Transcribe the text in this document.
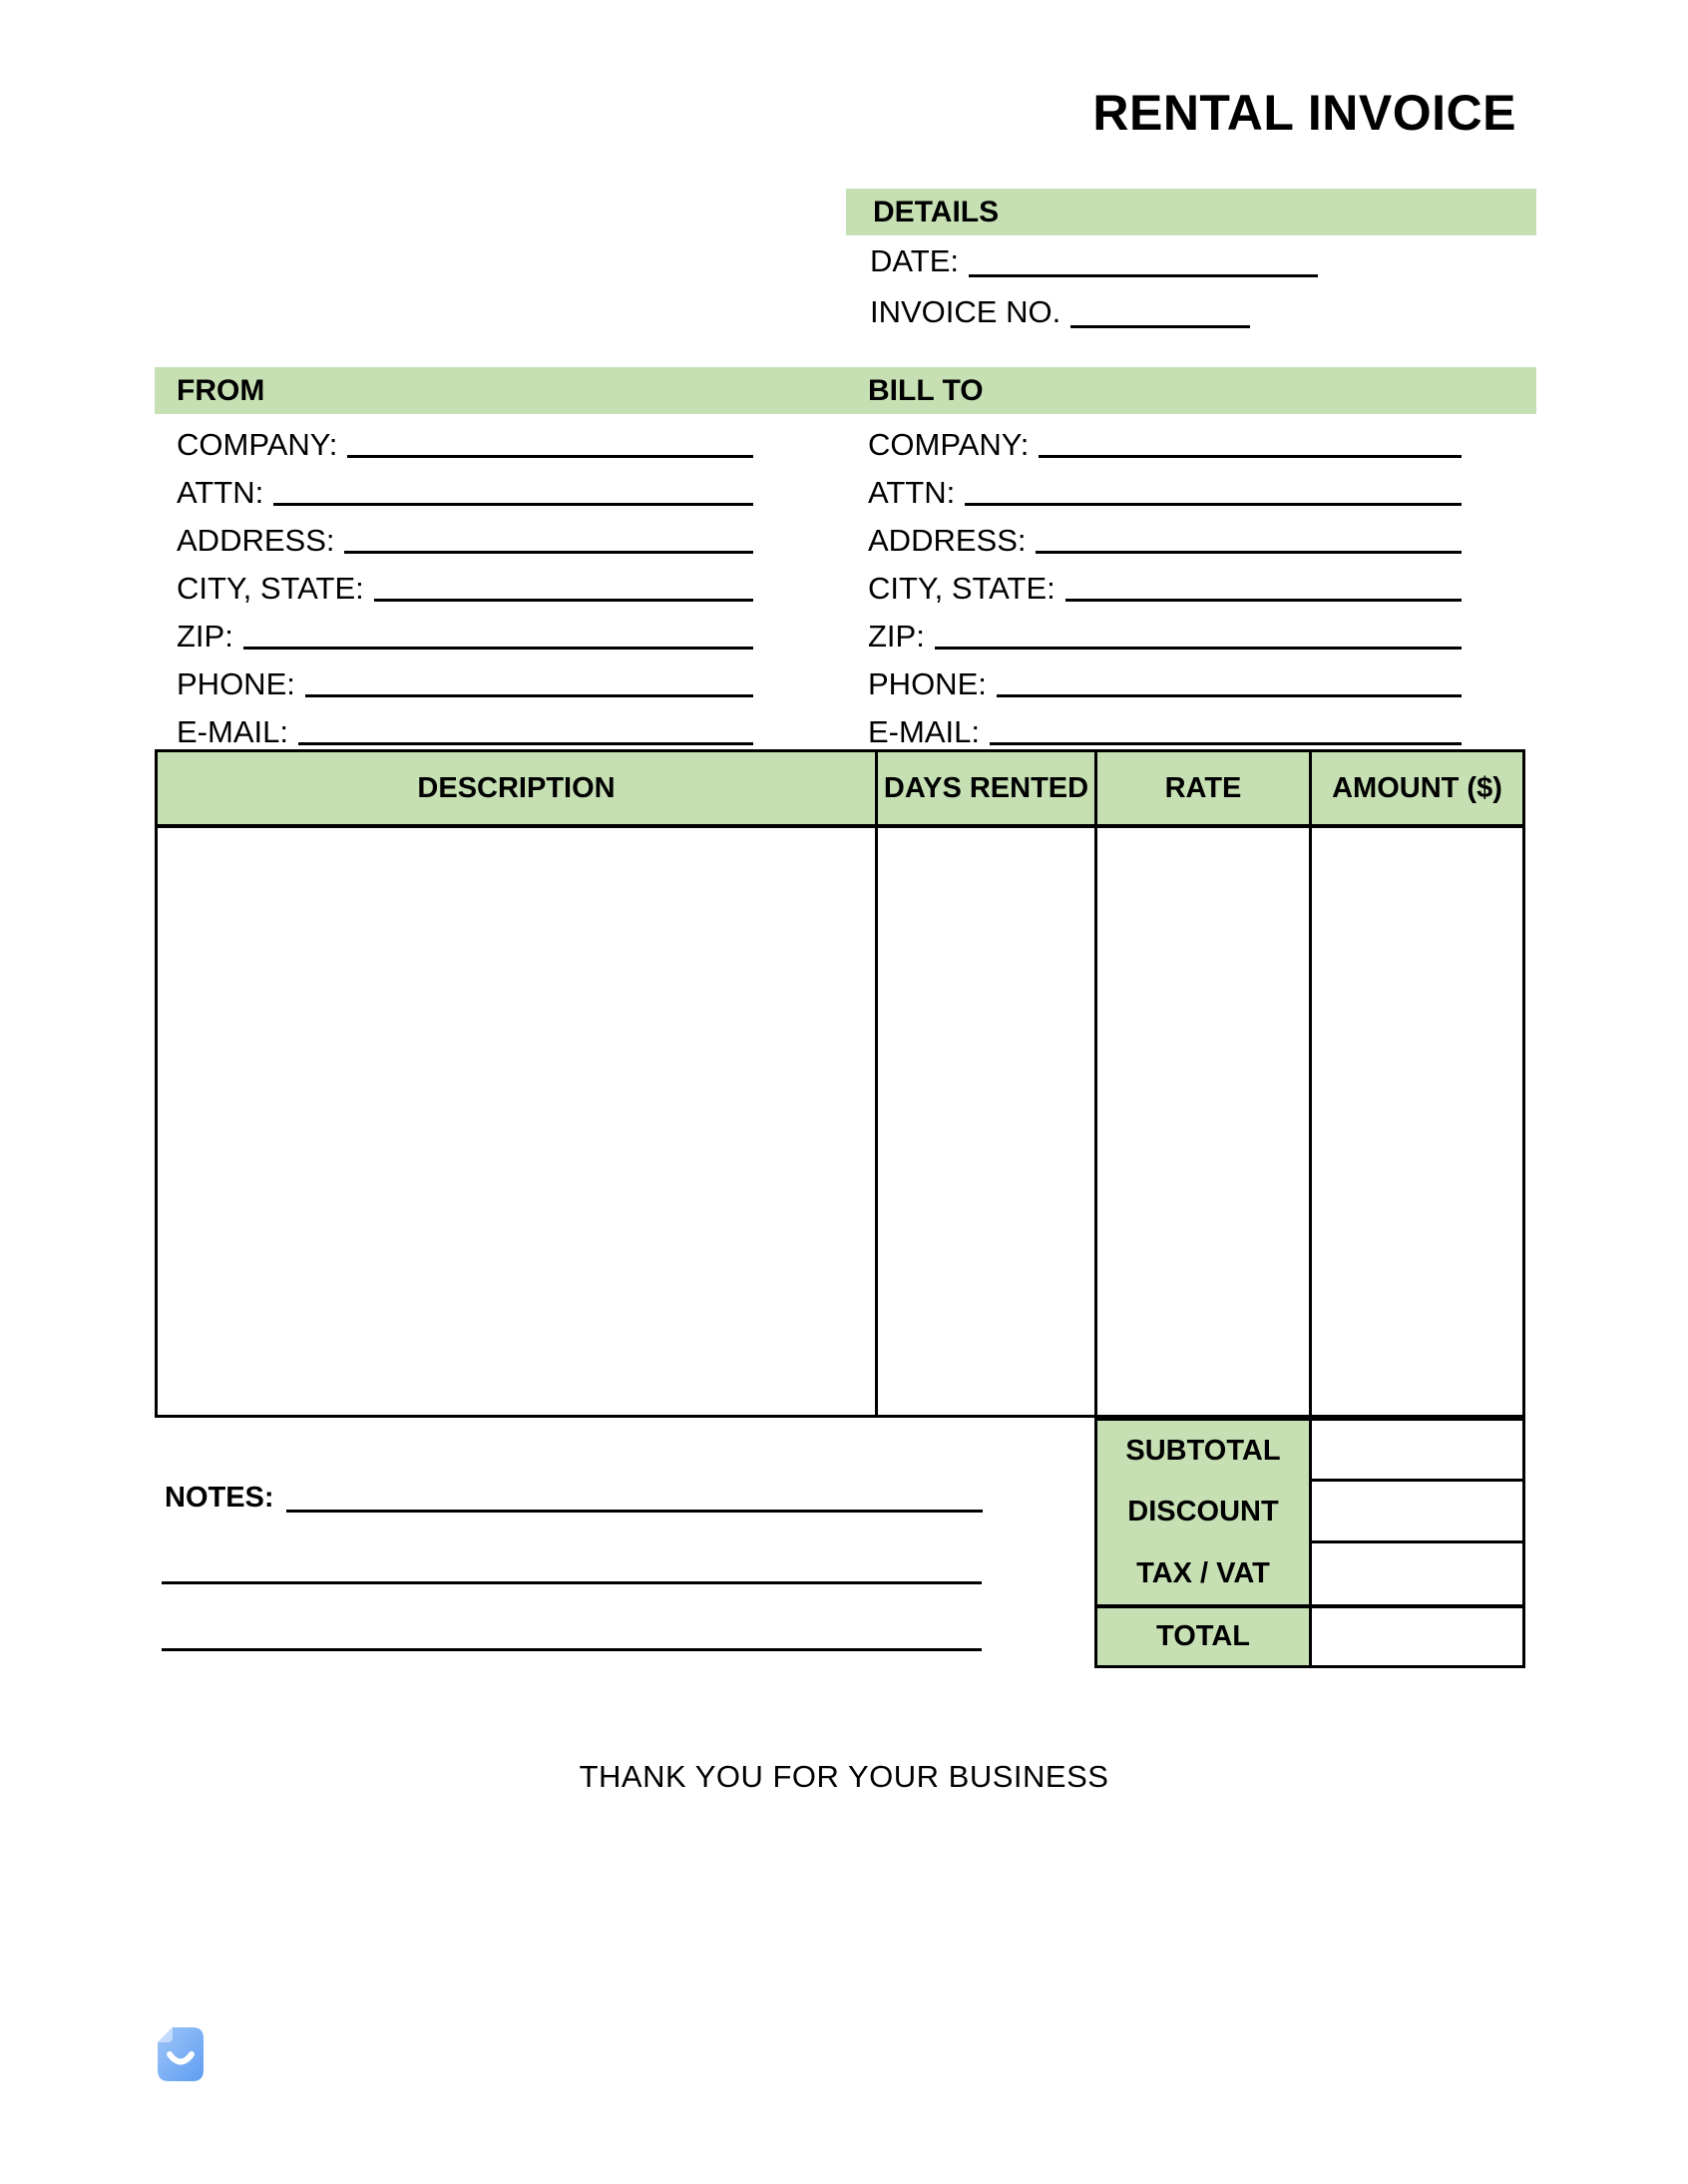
RENTAL INVOICE
DETAILS
DATE:
INVOICE NO.
FROM	BILL TO
COMPANY:
ATTN:
ADDRESS:
CITY, STATE:
ZIP:
PHONE:
E-MAIL:
COMPANY:
ATTN:
ADDRESS:
CITY, STATE:
ZIP:
PHONE:
E-MAIL:
DESCRIPTION	DAYS RENTED	RATE	AMOUNT ($)
SUBTOTAL
DISCOUNT
TAX / VAT
TOTAL
NOTES:
THANK YOU FOR YOUR BUSINESS
